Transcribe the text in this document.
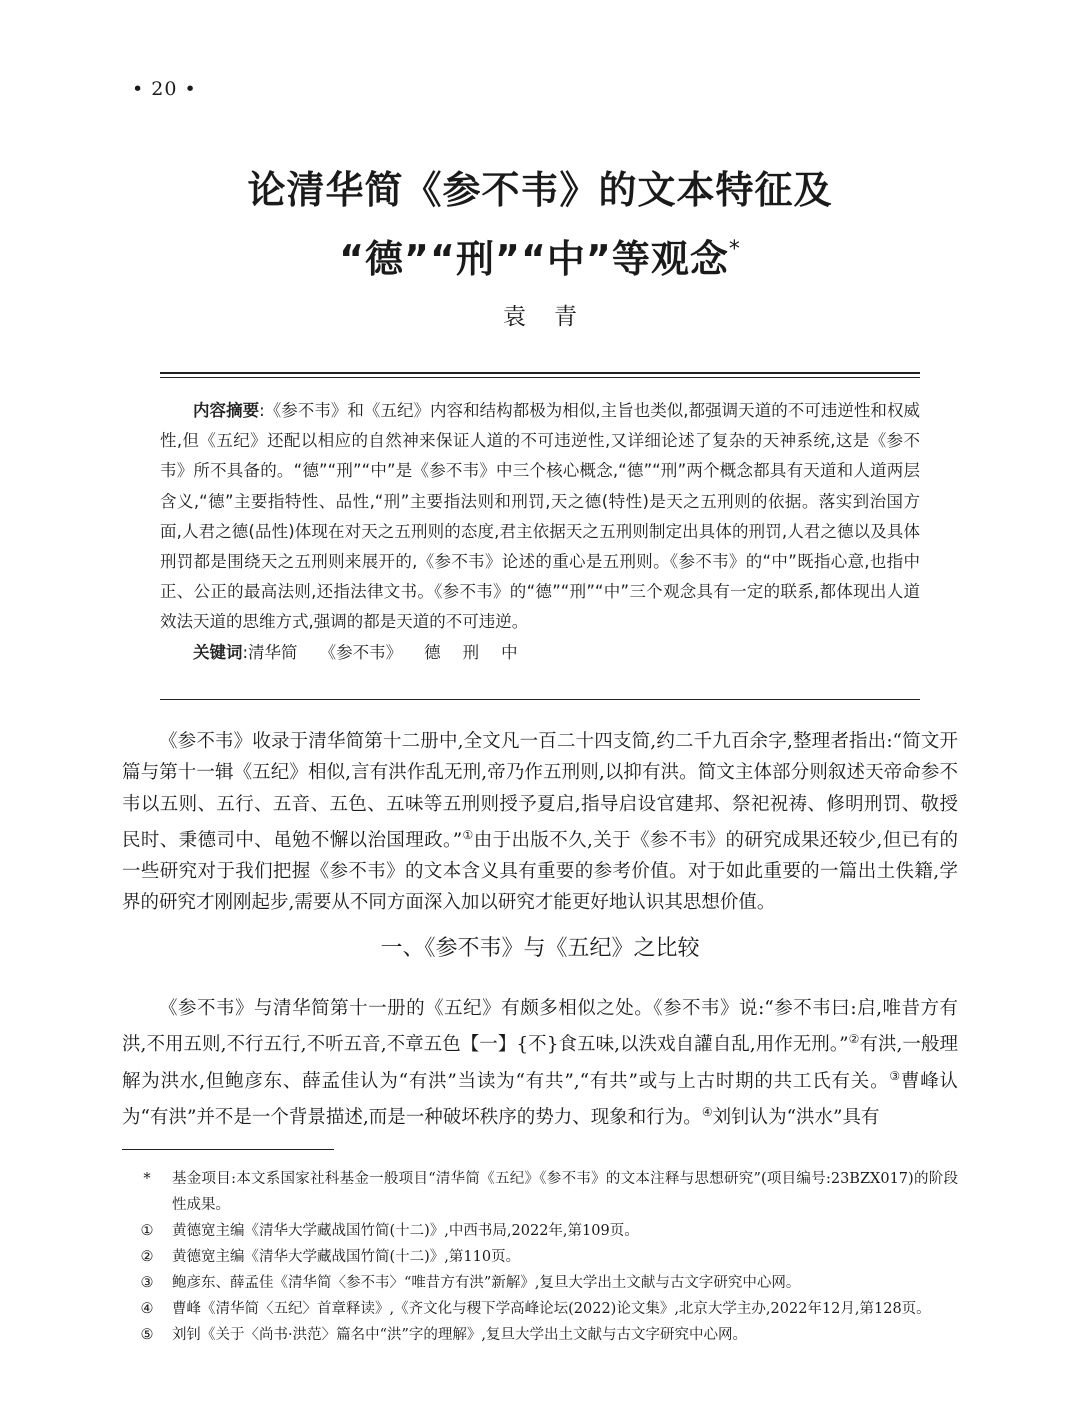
• 20 •
论清华简《参不韦》的文本特征及
“德”“刑”“中”等观念*
袁青

内容摘要:《参不韦》和《五纪》内容和结构都极为相似,主旨也类似,都强调天道的不可违逆性和权威性,但《五纪》还配以相应的自然神来保证人道的不可违逆性,又详细论述了复杂的天神系统,这是《参不韦》所不具备的。“德”“刑”“中”是《参不韦》中三个核心概念,“德”“刑”两个概念都具有天道和人道两层含义,“德”主要指特性、品性,“刑”主要指法则和刑罚,天之德(特性)是天之五刑则的依据。落实到治国方面,人君之德(品性)体现在对天之五刑则的态度,君主依据天之五刑则制定出具体的刑罚,人君之德以及具体刑罚都是围绕天之五刑则来展开的,《参不韦》论述的重心是五刑则。《参不韦》的“中”既指心意,也指中正、公正的最高法则,还指法律文书。《参不韦》的“德”“刑”“中”三个观念具有一定的联系,都体现出人道效法天道的思维方式,强调的都是天道的不可违逆。

关键词:清华简 《参不韦》 德 刑 中

《参不韦》收录于清华简第十二册中,全文凡一百二十四支简,约二千九百余字,整理者指出:“简文开篇与第十一辑《五纪》相似,言有洪作乱无刑,帝乃作五刑则,以抑有洪。简文主体部分则叙述天帝命参不韦以五则、五行、五音、五色、五味等五刑则授予夏启,指导启设官建邦、祭祀祝祷、修明刑罚、敬授民时、秉德司中、黾勉不懈以治国理政。”①由于出版不久,关于《参不韦》的研究成果还较少,但已有的一些研究对于我们把握《参不韦》的文本含义具有重要的参考价值。对于如此重要的一篇出土佚籍,学界的研究才刚刚起步,需要从不同方面深入加以研究才能更好地认识其思想价值。

一、《参不韦》与《五纪》之比较

《参不韦》与清华简第十一册的《五纪》有颇多相似之处。《参不韦》说:“参不韦曰:启,唯昔方有洪,不用五则,不行五行,不听五音,不章五色【一】{不}食五味,以泆戏自讙自乱,用作无刑。”②有洪,一般理解为洪水,但鲍彦东、薛孟佳认为“有洪”当读为“有共”,“有共”或与上古时期的共工氏有关。③曹峰认为“有洪”并不是一个背景描述,而是一种破坏秩序的势力、现象和行为。④刘钊认为“洪水”具有

*	基金项目:本文系国家社科基金一般项目“清华简《五纪》《参不韦》的文本注释与思想研究”(项目编号:23BZX017)的阶段性成果。
①	黄德宽主编《清华大学藏战国竹简(十二)》,中西书局,2022年,第109页。
②	黄德宽主编《清华大学藏战国竹简(十二)》,第110页。
③	鲍彦东、薛孟佳《清华简〈参不韦〉“唯昔方有洪”新解》,复旦大学出土文献与古文字研究中心网。
④	曹峰《清华简〈五纪〉首章释读》,《齐文化与稷下学高峰论坛(2022)论文集》,北京大学主办,2022年12月,第128页。
⑤	刘钊《关于〈尚书·洪范〉篇名中“洪”字的理解》,复旦大学出土文献与古文字研究中心网。
